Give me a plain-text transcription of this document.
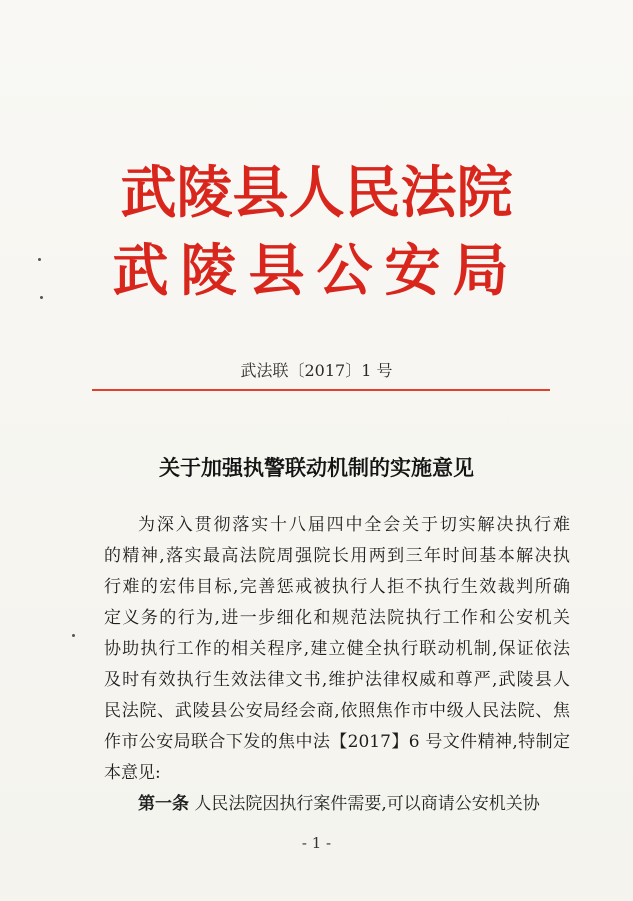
武陵县人民法院
武陵县公安局
武法联〔2017〕1 号
关于加强执警联动机制的实施意见
为深入贯彻落实十八届四中全会关于切实解决执行难
的精神,落实最高法院周强院长用两到三年时间基本解决执
行难的宏伟目标,完善惩戒被执行人拒不执行生效裁判所确
定义务的行为,进一步细化和规范法院执行工作和公安机关
协助执行工作的相关程序,建立健全执行联动机制,保证依法
及时有效执行生效法律文书,维护法律权威和尊严,武陵县人
民法院、武陵县公安局经会商,依照焦作市中级人民法院、焦
作市公安局联合下发的焦中法【2017】6 号文件精神,特制定
本意见:
第一条 人民法院因执行案件需要,可以商请公安机关协
- 1 -
